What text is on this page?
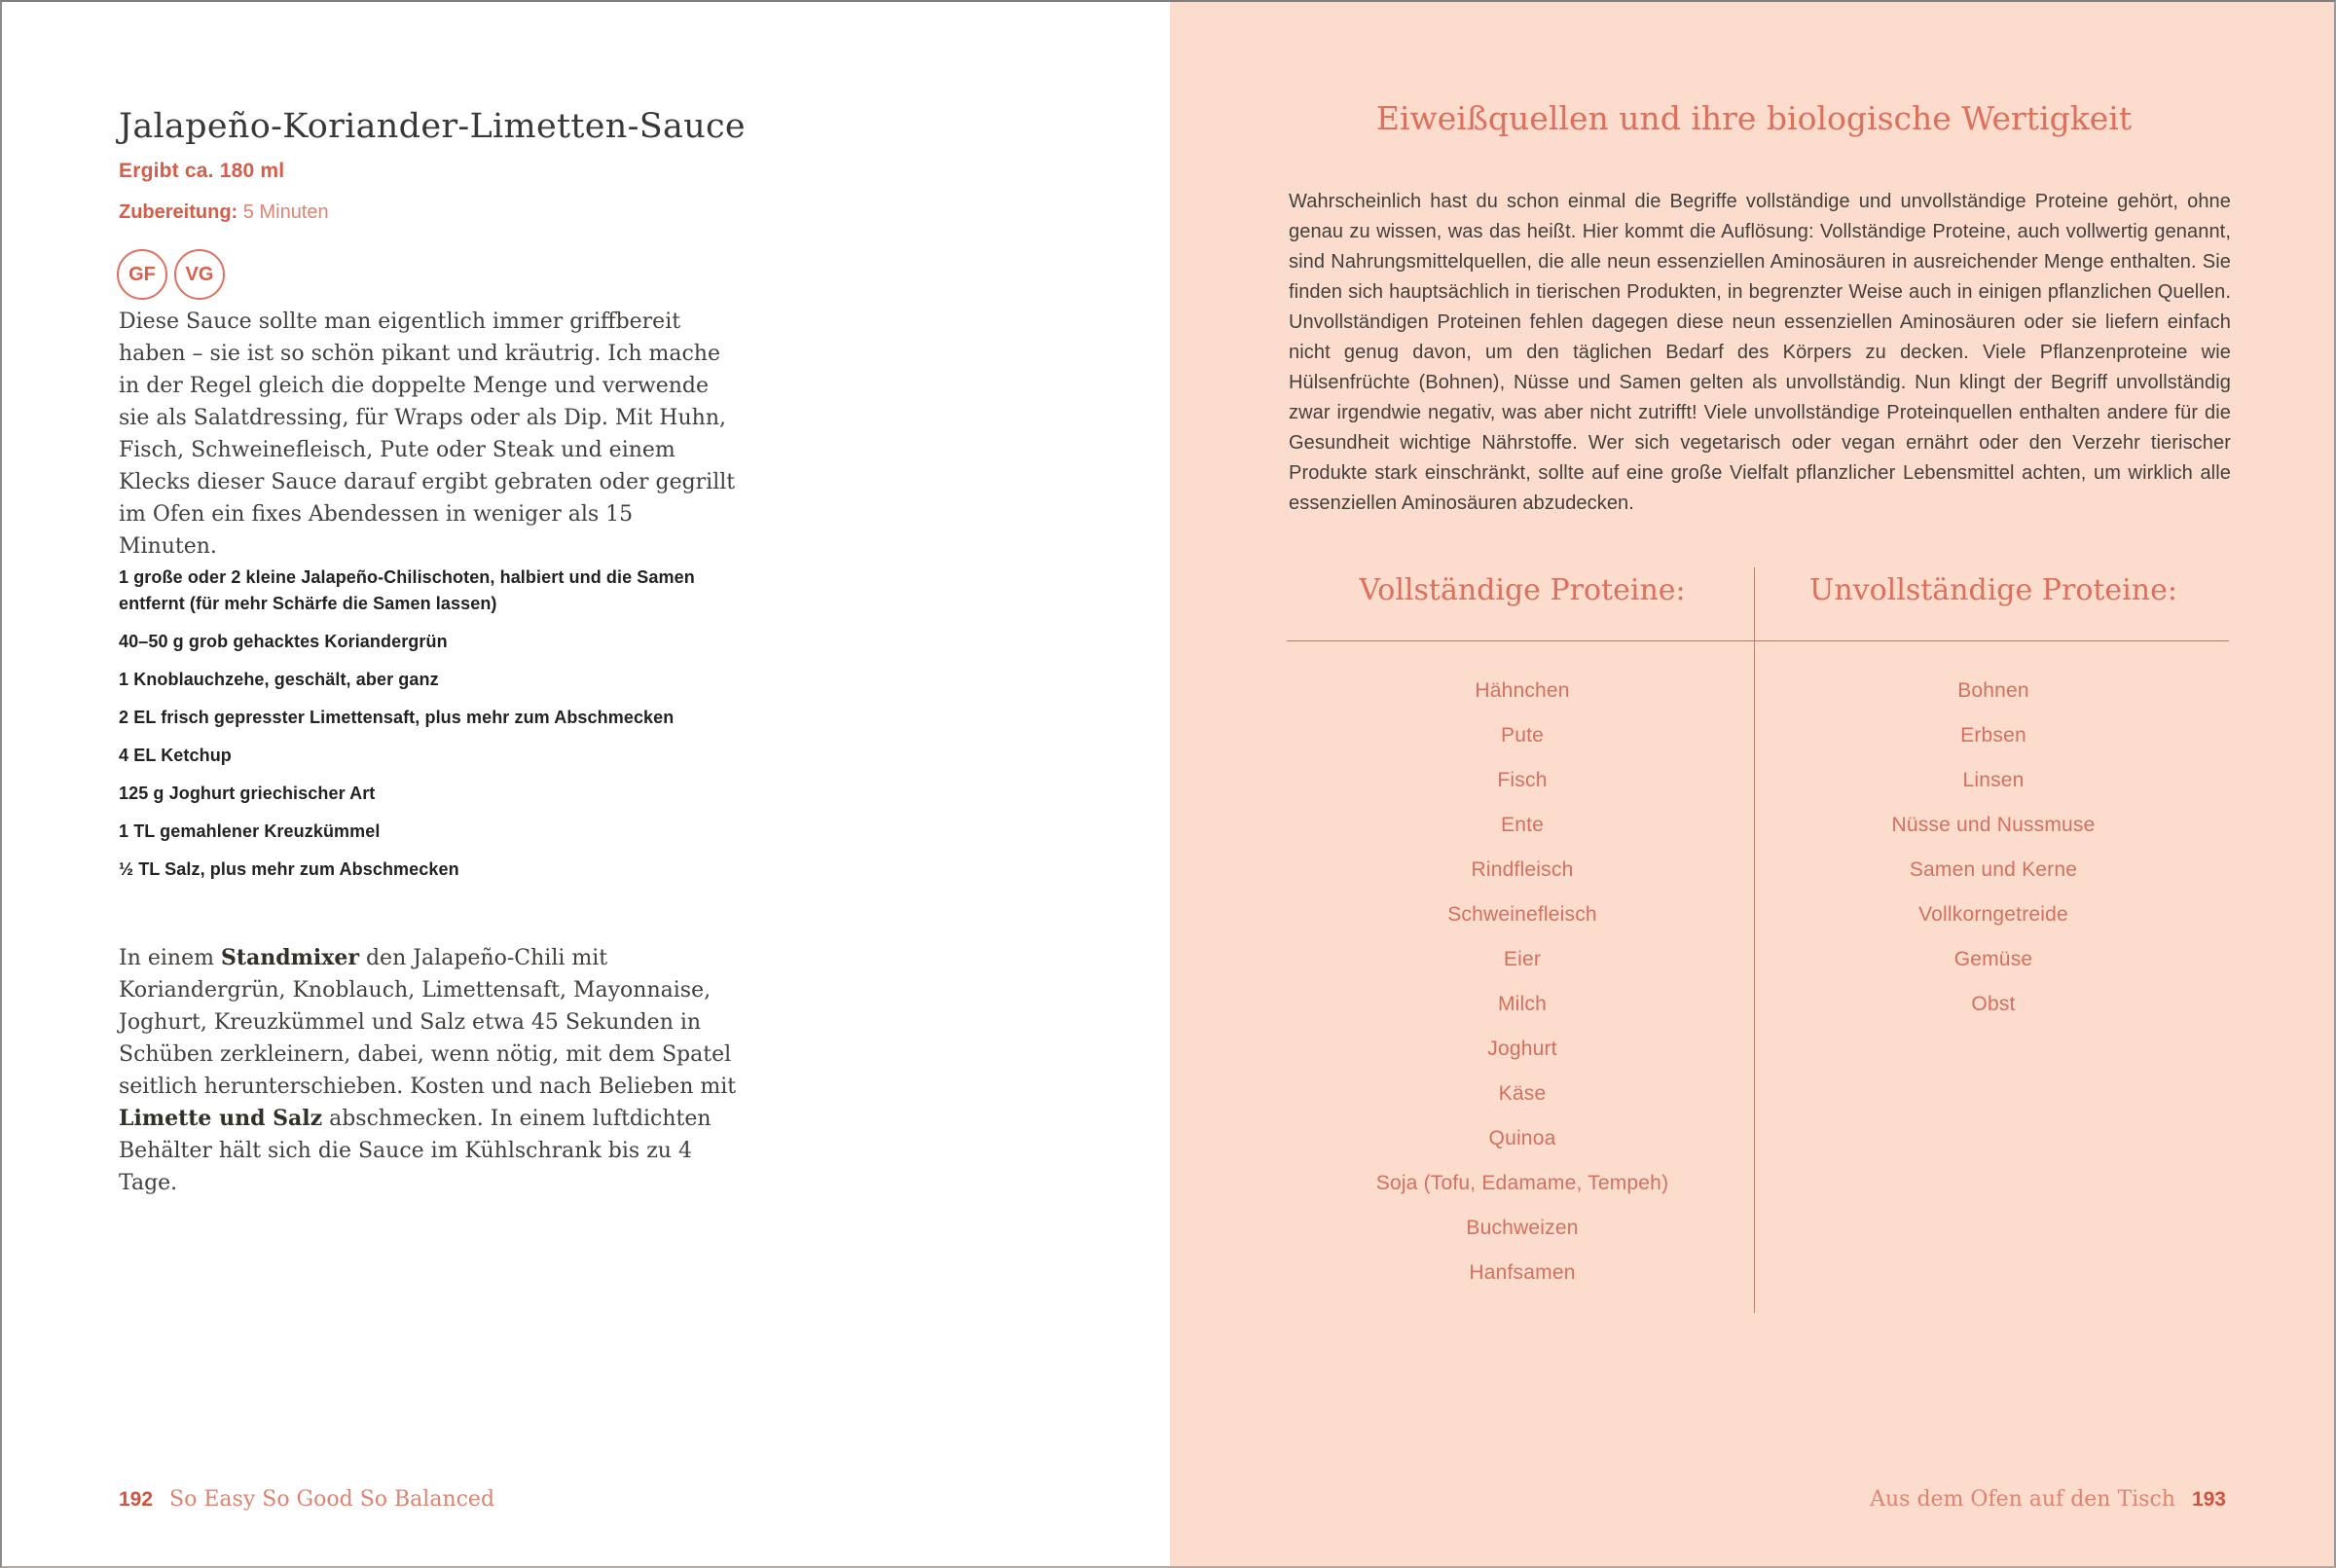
Jalapeño-Koriander-Limetten-Sauce
Ergibt ca. 180 ml
Zubereitung: 5 Minuten
GF	VG

Diese Sauce sollte man eigentlich immer griffbereit haben – sie ist so schön pikant und kräutrig. Ich mache in der Regel gleich die doppelte Menge und verwende sie als Salatdressing, für Wraps oder als Dip. Mit Huhn, Fisch, Schweinefleisch, Pute oder Steak und einem Klecks dieser Sauce darauf ergibt gebraten oder gegrillt im Ofen ein fixes Abendessen in weniger als 15 Minuten.

1 große oder 2 kleine Jalapeño-Chilischoten, halbiert und die Samen entfernt (für mehr Schärfe die Samen lassen)
40–50 g grob gehacktes Koriandergrün
1 Knoblauchzehe, geschält, aber ganz
2 EL frisch gepresster Limettensaft, plus mehr zum Abschmecken
4 EL Ketchup
125 g Joghurt griechischer Art
1 TL gemahlener Kreuzkümmel
½ TL Salz, plus mehr zum Abschmecken

In einem Standmixer den Jalapeño-Chili mit Koriandergrün, Knoblauch, Limettensaft, Mayonnaise, Joghurt, Kreuzkümmel und Salz etwa 45 Sekunden in Schüben zerkleinern, dabei, wenn nötig, mit dem Spatel seitlich herunterschieben. Kosten und nach Belieben mit Limette und Salz abschmecken. In einem luftdichten Behälter hält sich die Sauce im Kühlschrank bis zu 4 Tage.

192 So Easy So Good So Balanced
Eiweißquellen und ihre biologische Wertigkeit

Wahrscheinlich hast du schon einmal die Begriffe vollständige und unvollständige Proteine gehört, ohne genau zu wissen, was das heißt. Hier kommt die Auflösung: Vollständige Proteine, auch vollwertig genannt, sind Nahrungsmittelquellen, die alle neun essenziellen Aminosäuren in ausreichender Menge enthalten. Sie finden sich hauptsächlich in tierischen Produkten, in begrenzter Weise auch in einigen pflanzlichen Quellen. Unvollständigen Proteinen fehlen dagegen diese neun essenziellen Aminosäuren oder sie liefern einfach nicht genug davon, um den täglichen Bedarf des Körpers zu decken. Viele Pflanzenproteine wie Hülsenfrüchte (Bohnen), Nüsse und Samen gelten als unvollständig. Nun klingt der Begriff unvollständig zwar irgendwie negativ, was aber nicht zutrifft! Viele unvollständige Proteinquellen enthalten andere für die Gesundheit wichtige Nährstoffe. Wer sich vegetarisch oder vegan ernährt oder den Verzehr tierischer Produkte stark einschränkt, sollte auf eine große Vielfalt pflanzlicher Lebensmittel achten, um wirklich alle essenziellen Aminosäuren abzudecken.

Vollständige Proteine:	Unvollständige Proteine:
Hähnchen
Pute
Fisch
Ente
Rindfleisch
Schweinefleisch
Eier
Milch
Joghurt
Käse
Quinoa
Soja (Tofu, Edamame, Tempeh)
Buchweizen
Hanfsamen
Bohnen
Erbsen
Linsen
Nüsse und Nussmuse
Samen und Kerne
Vollkorngetreide
Gemüse
Obst
Aus dem Ofen auf den Tisch 193
